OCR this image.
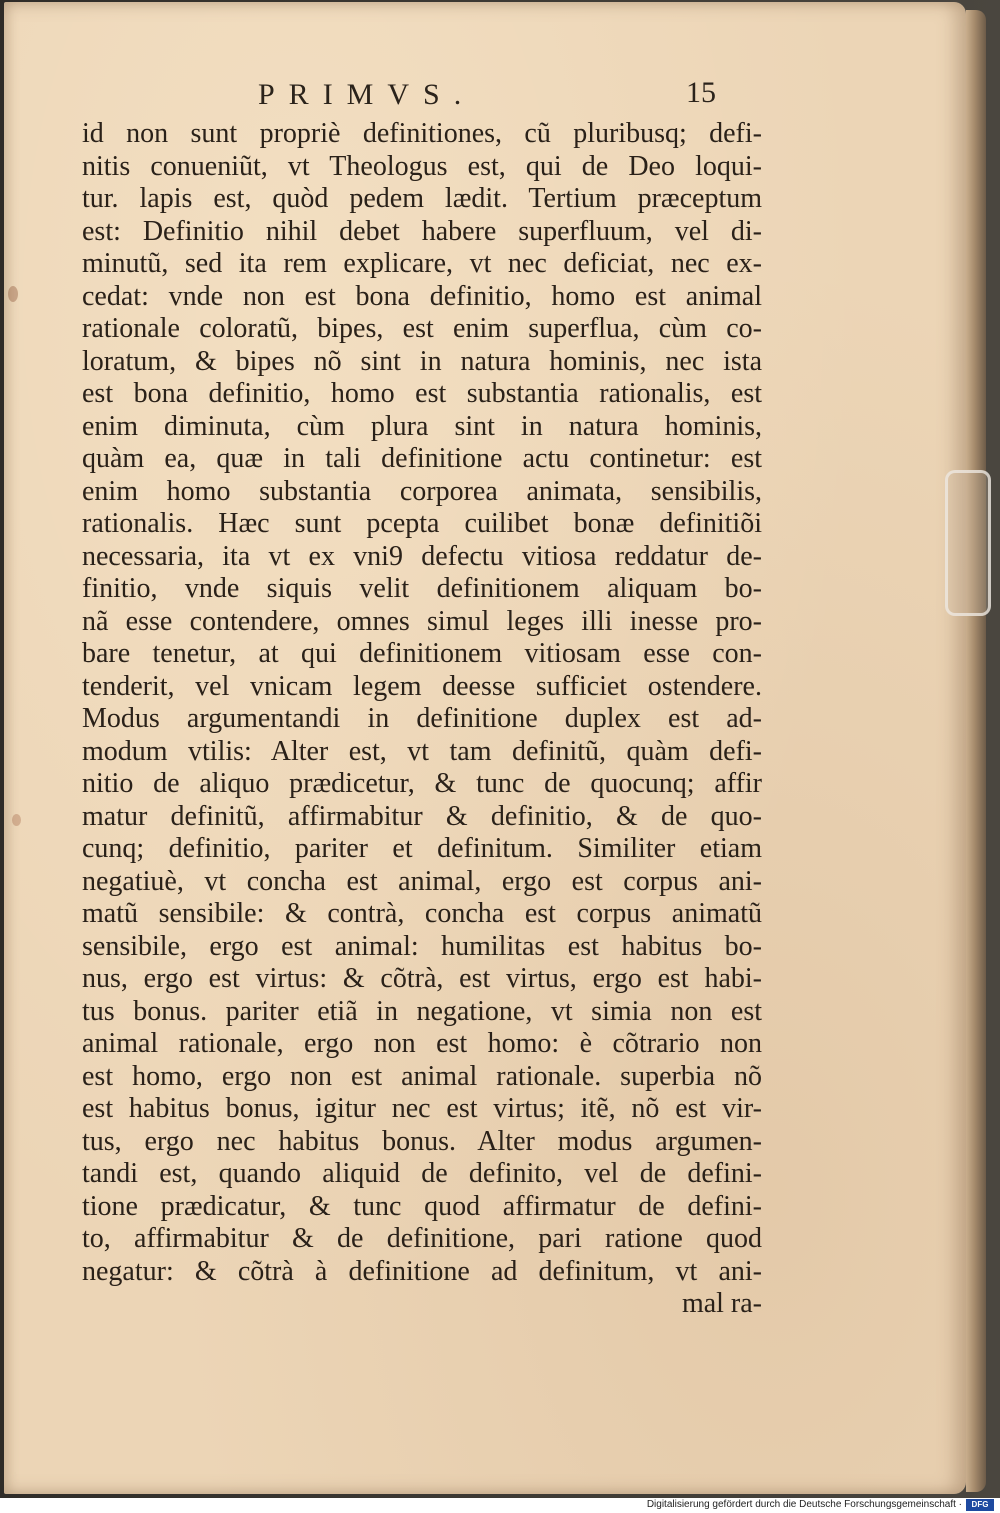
PRIMVS.	15
id non sunt propriè definitiones, cũ pluribusq; defi-
nitis conueniũt, vt Theologus est, qui de Deo loqui-
tur. lapis est, quòd pedem lædit. Tertium præceptum
est: Definitio nihil debet habere superfluum, vel di-
minutũ, sed ita rem explicare, vt nec deficiat, nec ex-
cedat: vnde non est bona definitio, homo est animal
rationale coloratũ, bipes, est enim superflua, cùm co-
loratum, & bipes nõ sint in natura hominis, nec ista
est bona definitio, homo est substantia rationalis, est
enim diminuta, cùm plura sint in natura hominis,
quàm ea, quæ in tali definitione actu continetur: est
enim homo substantia corporea animata, sensibilis,
rationalis. Hæc sunt pcepta cuilibet bonæ definitiõi
necessaria, ita vt ex vni9 defectu vitiosa reddatur de-
finitio, vnde siquis velit definitionem aliquam bo-
nã esse contendere, omnes simul leges illi inesse pro-
bare tenetur, at qui definitionem vitiosam esse con-
tenderit, vel vnicam legem deesse sufficiet ostendere.
Modus argumentandi in definitione duplex est ad-
modum vtilis: Alter est, vt tam definitũ, quàm defi-
nitio de aliquo prædicetur, & tunc de quocunq; affir
matur definitũ, affirmabitur & definitio, & de quo-
cunq; definitio, pariter et definitum. Similiter etiam
negatiuè, vt concha est animal, ergo est corpus ani-
matũ sensibile: & contrà, concha est corpus animatũ
sensibile, ergo est animal: humilitas est habitus bo-
nus, ergo est virtus: & cõtrà, est virtus, ergo est habi-
tus bonus. pariter etiã in negatione, vt simia non est
animal rationale, ergo non est homo: è cõtrario non
est homo, ergo non est animal rationale. superbia nõ
est habitus bonus, igitur nec est virtus; itẽ, nõ est vir-
tus, ergo nec habitus bonus. Alter modus argumen-
tandi est, quando aliquid de definito, vel de defini-
tione prædicatur, & tunc quod affirmatur de defini-
to, affirmabitur & de definitione, pari ratione quod
negatur: & cõtrà à definitione ad definitum, vt ani-
mal ra-
Digitalisierung gefördert durch die Deutsche Forschungsgemeinschaft ·	DFG
